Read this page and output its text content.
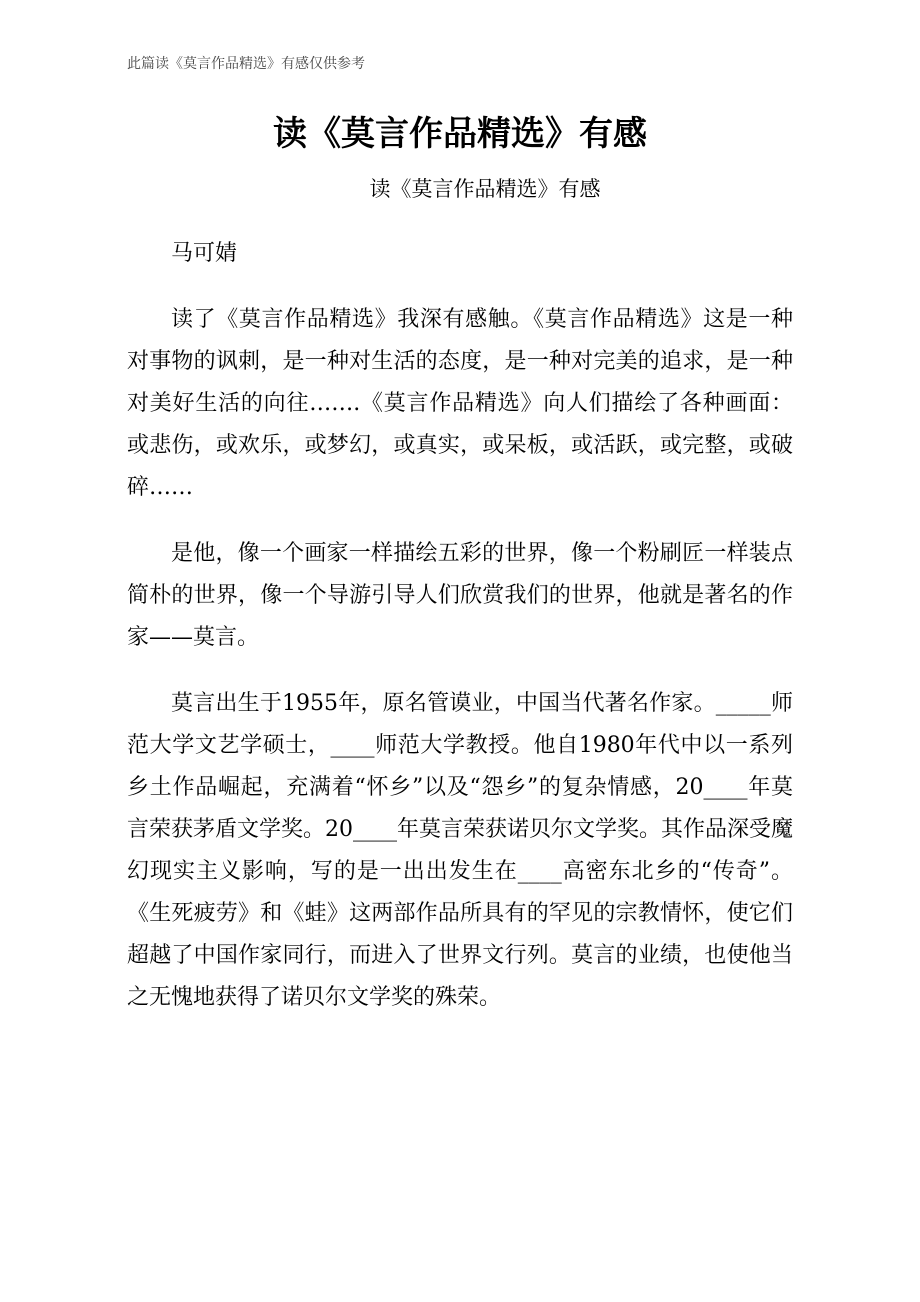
此篇读《莫言作品精选》有感仅供参考
读《莫言作品精选》有感
读《莫言作品精选》有感

马可婧

读了《莫言作品精选》我深有感触。《莫言作品精选》这是一种对事物的讽刺，是一种对生活的态度，是一种对完美的追求，是一种对美好生活的向往…….《莫言作品精选》向人们描绘了各种画面：或悲伤，或欢乐，或梦幻，或真实，或呆板，或活跃，或完整，或破碎……

是他，像一个画家一样描绘五彩的世界，像一个粉刷匠一样装点简朴的世界，像一个导游引导人们欣赏我们的世界，他就是著名的作家——莫言。

莫言出生于1955年，原名管谟业，中国当代著名作家。_____师范大学文艺学硕士，____师范大学教授。他自1980年代中以一系列乡土作品崛起，充满着“怀乡”以及“怨乡”的复杂情感，20____年莫言荣获茅盾文学奖。20____年莫言荣获诺贝尔文学奖。其作品深受魔幻现实主义影响，写的是一出出发生在____高密东北乡的“传奇”。《生死疲劳》和《蛙》这两部作品所具有的罕见的宗教情怀，使它们超越了中国作家同行，而进入了世界文行列。莫言的业绩，也使他当之无愧地获得了诺贝尔文学奖的殊荣。
